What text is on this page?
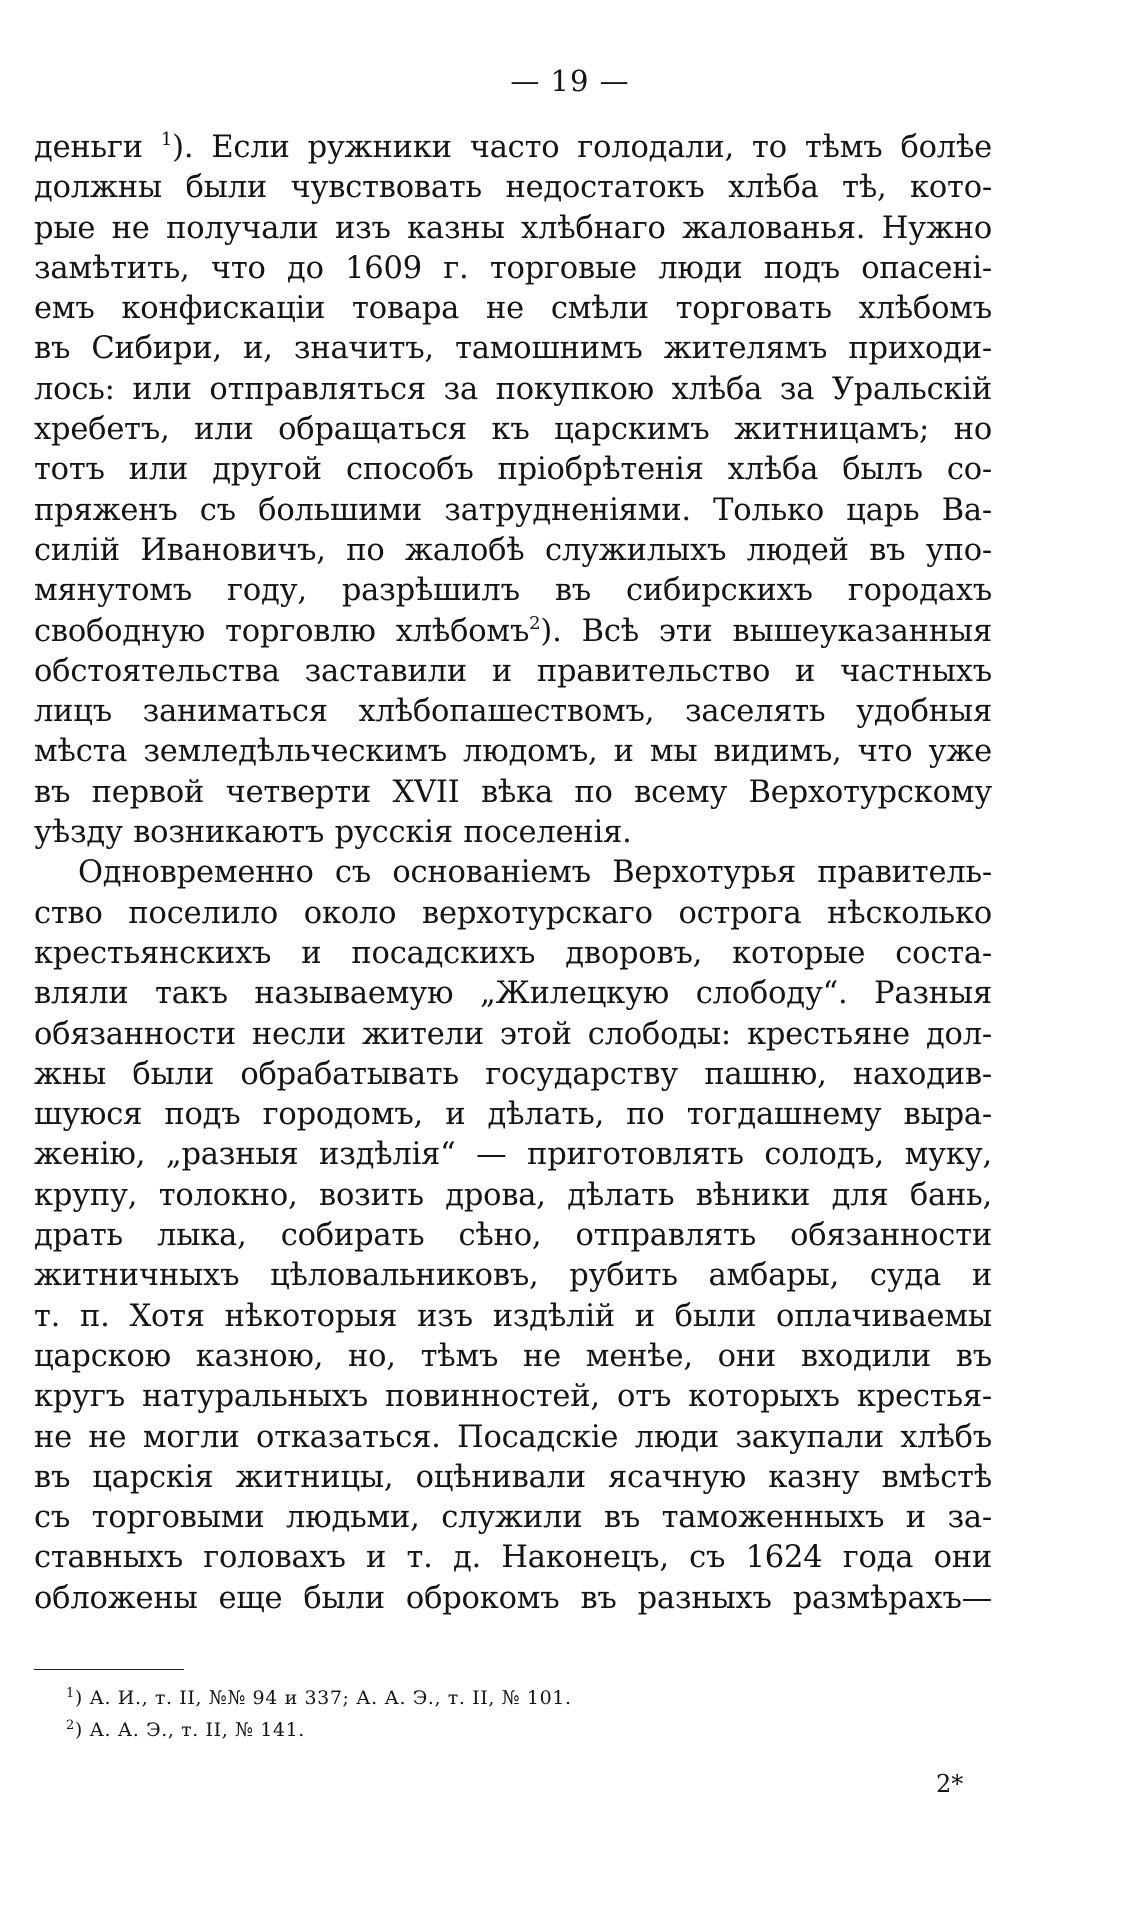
— 19 —
деньги $^1$). Если ружники часто голодали, то тѣмъ болѣе
должны были чувствовать недостатокъ хлѣба тѣ, кото-
рые не получали изъ казны хлѣбнаго жалованья. Нужно
замѣтить, что до 1609 г. торговые люди подъ опасені-
емъ конфискаціи товара не смѣли торговать хлѣбомъ
въ Сибири, и, значитъ, тамошнимъ жителямъ приходи-
лось: или отправляться за покупкою хлѣба за Уральскій
хребетъ, или обращаться къ царскимъ житницамъ; но
тотъ или другой способъ пріобрѣтенія хлѣба былъ со-
пряженъ съ большими затрудненіями. Только царь Ва-
силій Ивановичъ, по жалобѣ служилыхъ людей въ упо-
мянутомъ году, разрѣшилъ въ сибирскихъ городахъ
свободную торговлю хлѣбомъ$^2$). Всѣ эти вышеуказанныя
обстоятельства заставили и правительство и частныхъ
лицъ заниматься хлѣбопашествомъ, заселять удобныя
мѣста земледѣльческимъ людомъ, и мы видимъ, что уже
въ первой четверти XVII вѣка по всему Верхотурскому
уѣзду возникаютъ русскія поселенія.
Одновременно съ основаніемъ Верхотурья правитель-
ство поселило около верхотурскаго острога нѣсколько
крестьянскихъ и посадскихъ дворовъ, которые соста-
вляли такъ называемую „Жилецкую слободу“. Разныя
обязанности несли жители этой слободы: крестьяне дол-
жны были обрабатывать государству пашню, находив-
шуюся подъ городомъ, и дѣлать, по тогдашнему выра-
женію, „разныя издѣлія“ — приготовлять солодъ, муку,
крупу, толокно, возить дрова, дѣлать вѣники для бань,
драть лыка, собирать сѣно, отправлять обязанности
житничныхъ цѣловальниковъ, рубить амбары, суда и
т. п. Хотя нѣкоторыя изъ издѣлій и были оплачиваемы
царскою казною, но, тѣмъ не менѣе, они входили въ
кругъ натуральныхъ повинностей, отъ которыхъ крестья-
не не могли отказаться. Посадскіе люди закупали хлѣбъ
въ царскія житницы, оцѣнивали ясачную казну вмѣстѣ
съ торговыми людьми, служили въ таможенныхъ и за-
ставныхъ головахъ и т. д. Наконецъ, съ 1624 года они
обложены еще были оброкомъ въ разныхъ размѣрахъ—
$^1$) А. И., т. II, №№ 94 и 337; А. А. Э., т. II, № 101.
$^2$) А. А. Э., т. II, № 141.
2*
